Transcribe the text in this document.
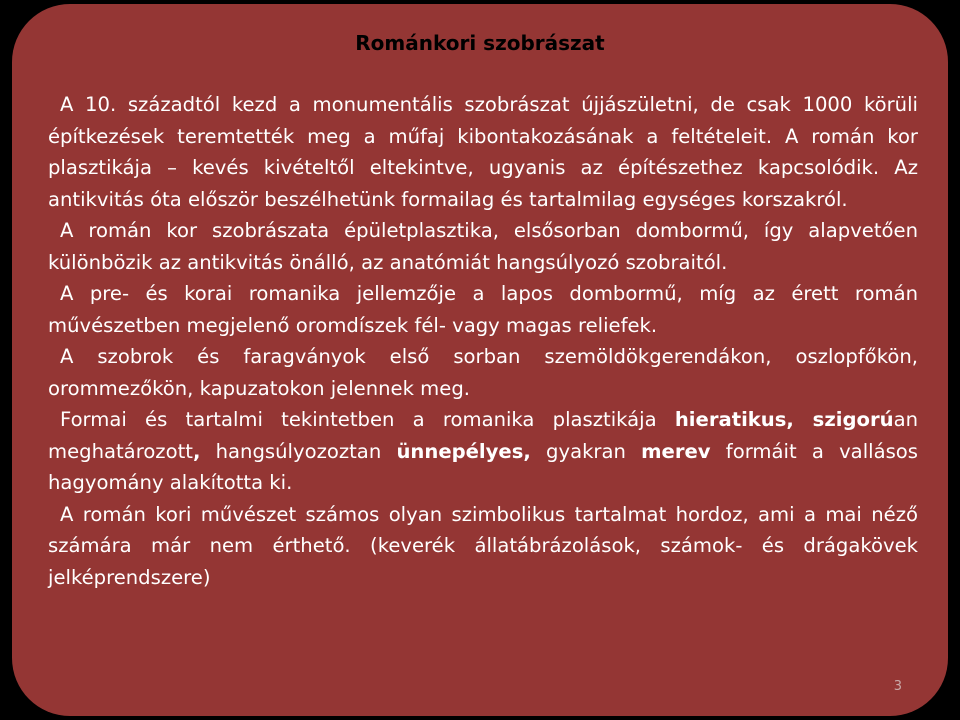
Románkori szobrászat

A 10. századtól kezd a monumentális szobrászat újjászületni, de csak 1000 körüli építkezések teremtették meg a műfaj kibontakozásának a feltételeit. A román kor plasztikája – kevés kivételtől eltekintve, ugyanis az építészethez kapcsolódik. Az antikvitás óta először beszélhetünk formailag és tartalmilag egységes korszakról.

A román kor szobrászata épületplasztika, elsősorban dombormű, így alapvetően különbözik az antikvitás önálló, az anatómiát hangsúlyozó szobraitól.

A pre- és korai romanika jellemzője a lapos dombormű, míg az érett román művészetben megjelenő oromdíszek fél- vagy magas reliefek.

A szobrok és faragványok első sorban szemöldökgerendákon, oszlopfőkön, orommezőkön, kapuzatokon jelennek meg.

Formai és tartalmi tekintetben a romanika plasztikája hieratikus, szigorúan meghatározott, hangsúlyozoztan ünnepélyes, gyakran merev formáit a vallásos hagyomány alakította ki.

A román kori művészet számos olyan szimbolikus tartalmat hordoz, ami a mai néző számára már nem érthető. (keverék állatábrázolások, számok- és drágakövek jelképrendszere)

3
